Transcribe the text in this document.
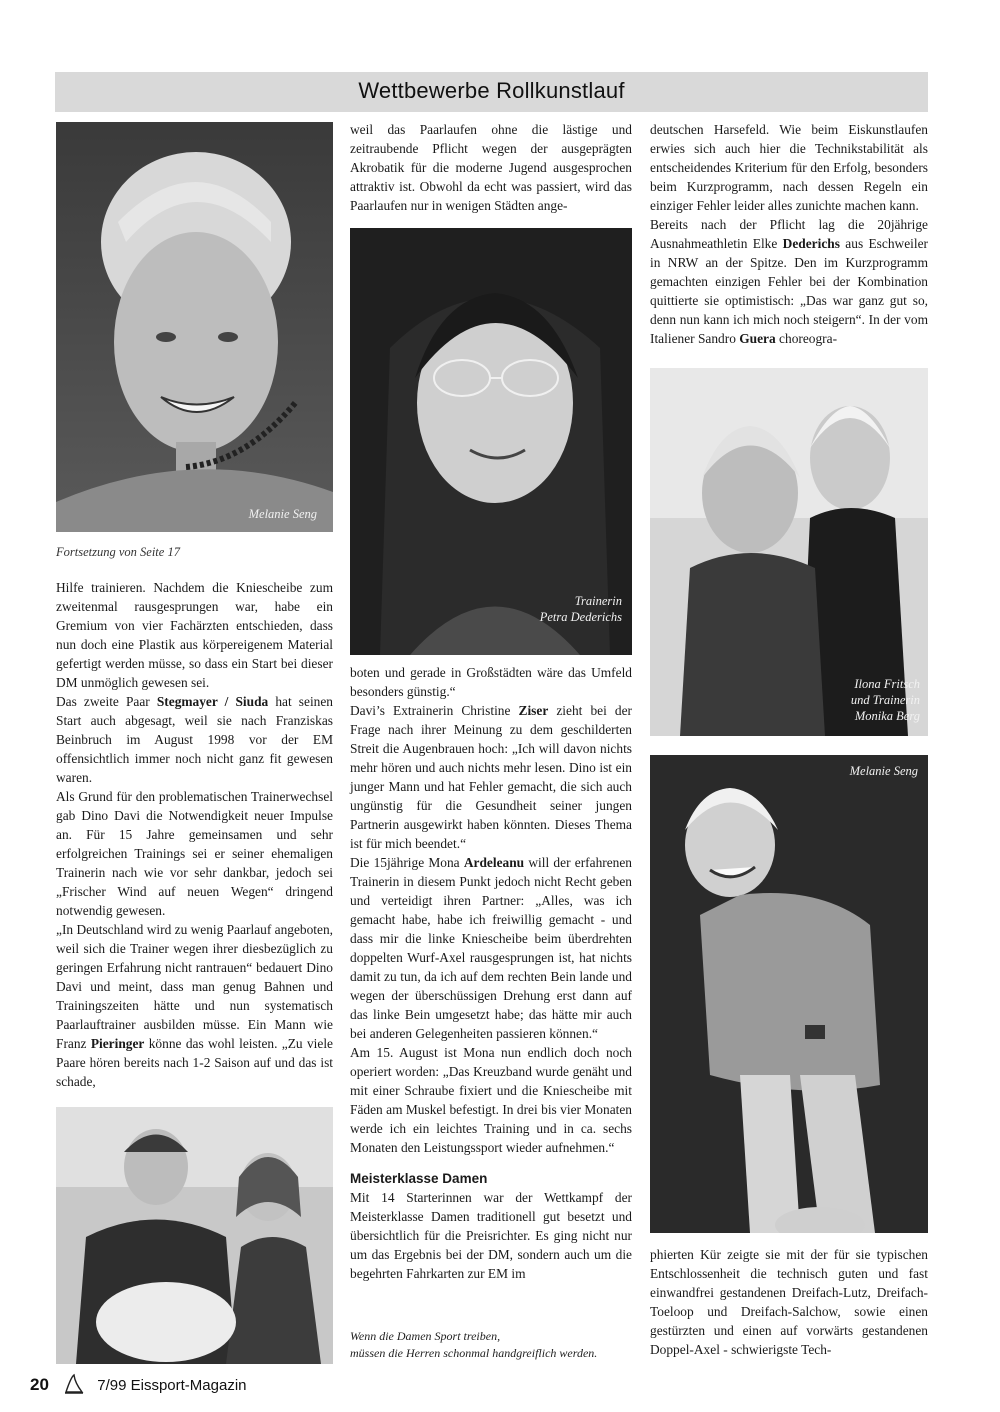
Wettbewerbe Rollkunstlauf
Melanie Seng
Fortsetzung von Seite 17

Hilfe trainieren. Nachdem die Kniescheibe zum zweitenmal rausgesprungen war, habe ein Gremium von vier Fachärzten entschieden, dass nun doch eine Plastik aus körpereigenem Material gefertigt werden müsse, so dass ein Start bei dieser DM unmöglich gewesen sei.

Das zweite Paar Stegmayer / Siuda hat seinen Start auch abgesagt, weil sie nach Franziskas Beinbruch im August 1998 vor der EM offensichtlich immer noch nicht ganz fit gewesen waren.

Als Grund für den problematischen Trainerwechsel gab Dino Davi die Notwendigkeit neuer Impulse an. Für 15 Jahre gemeinsamen und sehr erfolgreichen Trainings sei er seiner ehemaligen Trainerin nach wie vor sehr dankbar, jedoch sei „Frischer Wind auf neuen Wegen“ dringend notwendig gewesen.

„In Deutschland wird zu wenig Paarlauf angeboten, weil sich die Trainer wegen ihrer diesbezüglich zu geringen Erfahrung nicht rantrauen“ bedauert Dino Davi und meint, dass man genug Bahnen und Trainingszeiten hätte und nun systematisch Paarlauftrainer ausbilden müsse. Ein Mann wie Franz Pieringer könne das wohl leisten. „Zu viele Paare hören bereits nach 1-2 Saison auf und das ist schade,

weil das Paarlaufen ohne die lästige und zeitraubende Pflicht wegen der ausgeprägten Akrobatik für die moderne Jugend ausgesprochen attraktiv ist. Obwohl da echt was passiert, wird das Paarlaufen nur in wenigen Städten ange-

Trainerin
Petra Dederichs

boten und gerade in Großstädten wäre das Umfeld besonders günstig.“

Davi’s Extrainerin Christine Ziser zieht bei der Frage nach ihrer Meinung zu dem geschilderten Streit die Augenbrauen hoch: „Ich will davon nichts mehr hören und auch nichts mehr lesen. Dino ist ein junger Mann und hat Fehler gemacht, die sich auch ungünstig für die Gesundheit seiner jungen Partnerin ausgewirkt haben könnten. Dieses Thema ist für mich beendet.“

Die 15jährige Mona Ardeleanu will der erfahrenen Trainerin in diesem Punkt jedoch nicht Recht geben und verteidigt ihren Partner: „Alles, was ich gemacht habe, habe ich freiwillig gemacht - und dass mir die linke Kniescheibe beim überdrehten doppelten Wurf-Axel rausgesprungen ist, hat nichts damit zu tun, da ich auf dem rechten Bein lande und wegen der überschüssigen Drehung erst dann auf das linke Bein umgesetzt habe; das hätte mir auch bei anderen Gelegenheiten passieren können.“

Am 15. August ist Mona nun endlich doch noch operiert worden: „Das Kreuzband wurde genäht und mit einer Schraube fixiert und die Kniescheibe mit Fäden am Muskel befestigt. In drei bis vier Monaten werde ich ein leichtes Training und in ca. sechs Monaten den Leistungssport wieder aufnehmen.“

Meisterklasse Damen

Mit 14 Starterinnen war der Wettkampf der Meisterklasse Damen traditionell gut besetzt und übersichtlich für die Preisrichter. Es ging nicht nur um das Ergebnis bei der DM, sondern auch um die begehrten Fahrkarten zur EM im

Wenn die Damen Sport treiben,
müssen die Herren schonmal handgreiflich werden.

deutschen Harsefeld. Wie beim Eiskunstlaufen erwies sich auch hier die Technikstabilität als entscheidendes Kriterium für den Erfolg, besonders beim Kurzprogramm, nach dessen Regeln ein einziger Fehler leider alles zunichte machen kann.

Bereits nach der Pflicht lag die 20jährige Ausnahmeathletin Elke Dederichs aus Eschweiler in NRW an der Spitze. Den im Kurzprogramm gemachten einzigen Fehler bei der Kombination quittierte sie optimistisch: „Das war ganz gut so, denn nun kann ich mich noch steigern“. In der vom Italiener Sandro Guera choreogra-

Ilona Fritsch
und Trainerin
Monika Berg
Melanie Seng

phierten Kür zeigte sie mit der für sie typischen Entschlossenheit die technisch guten und fast einwandfrei gestandenen Dreifach-Lutz, Dreifach-Toeloop und Dreifach-Salchow, sowie einen gestürzten und einen auf vorwärts gestandenen Doppel-Axel - schwierigste Tech-

20	7/99 Eissport-Magazin
